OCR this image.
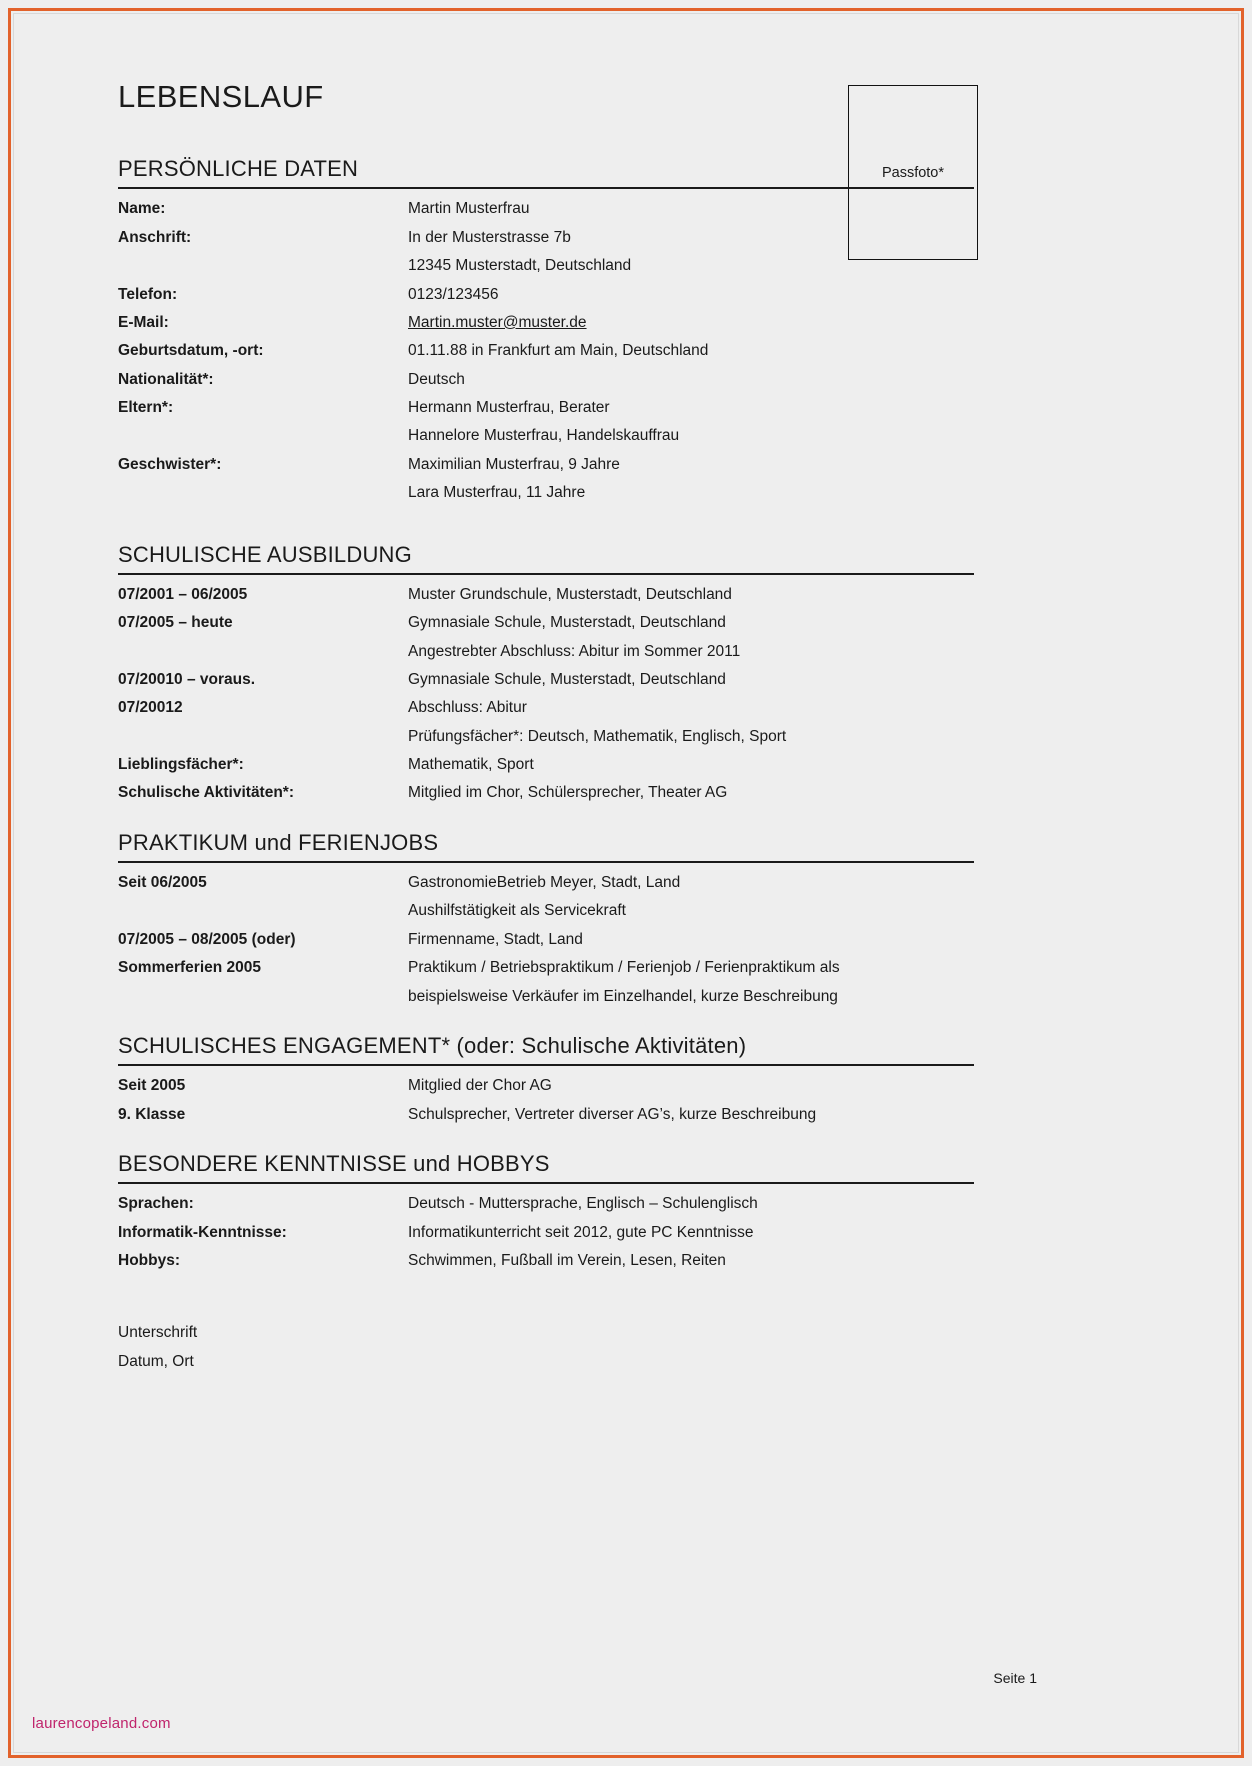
Passfoto*
LEBENSLAUF
PERSÖNLICHE DATEN
Name:	Martin Musterfrau

Anschrift:	In der Musterstrasse 7b
12345 Musterstadt, Deutschland

Telefon:	0123/123456

E-Mail:	Martin.muster@muster.de
Geburtsdatum, -ort:	01.11.88 in Frankfurt am Main, Deutschland

Nationalität*:	Deutsch

Eltern*:	Hermann Musterfrau, Berater
Hannelore Musterfrau, Handelskauffrau

Geschwister*:	Maximilian Musterfrau, 9 Jahre
Lara Musterfrau, 11 Jahre
SCHULISCHE AUSBILDUNG
07/2001 – 06/2005	Muster Grundschule, Musterstadt, Deutschland

07/2005 – heute	Gymnasiale Schule, Musterstadt, Deutschland
Angestrebter Abschluss: Abitur im Sommer 2011

07/20010 – voraus.	Gymnasiale Schule, Musterstadt, Deutschland

07/20012	Abschluss: Abitur
Prüfungsfächer*: Deutsch, Mathematik, Englisch, Sport

Lieblingsfächer*:	Mathematik, Sport

Schulische Aktivitäten*:	Mitglied im Chor, Schülersprecher, Theater AG
PRAKTIKUM und FERIENJOBS
Seit 06/2005	GastronomieBetrieb Meyer, Stadt, Land
Aushilfstätigkeit als Servicekraft

07/2005 – 08/2005 (oder)	Firmenname, Stadt, Land

Sommerferien 2005	Praktikum / Betriebspraktikum / Ferienjob / Ferienpraktikum als
beispielsweise Verkäufer im Einzelhandel, kurze Beschreibung
SCHULISCHES ENGAGEMENT* (oder: Schulische Aktivitäten)
Seit 2005	Mitglied der Chor AG

9. Klasse	Schulsprecher, Vertreter diverser AG’s, kurze Beschreibung
BESONDERE KENNTNISSE und HOBBYS
Sprachen:	Deutsch - Muttersprache, Englisch – Schulenglisch

Informatik-Kenntnisse:	Informatikunterricht seit 2012, gute PC Kenntnisse

Hobbys:	Schwimmen, Fußball im Verein, Lesen, Reiten
Unterschrift
Datum, Ort
Seite 1
laurencopeland.com
